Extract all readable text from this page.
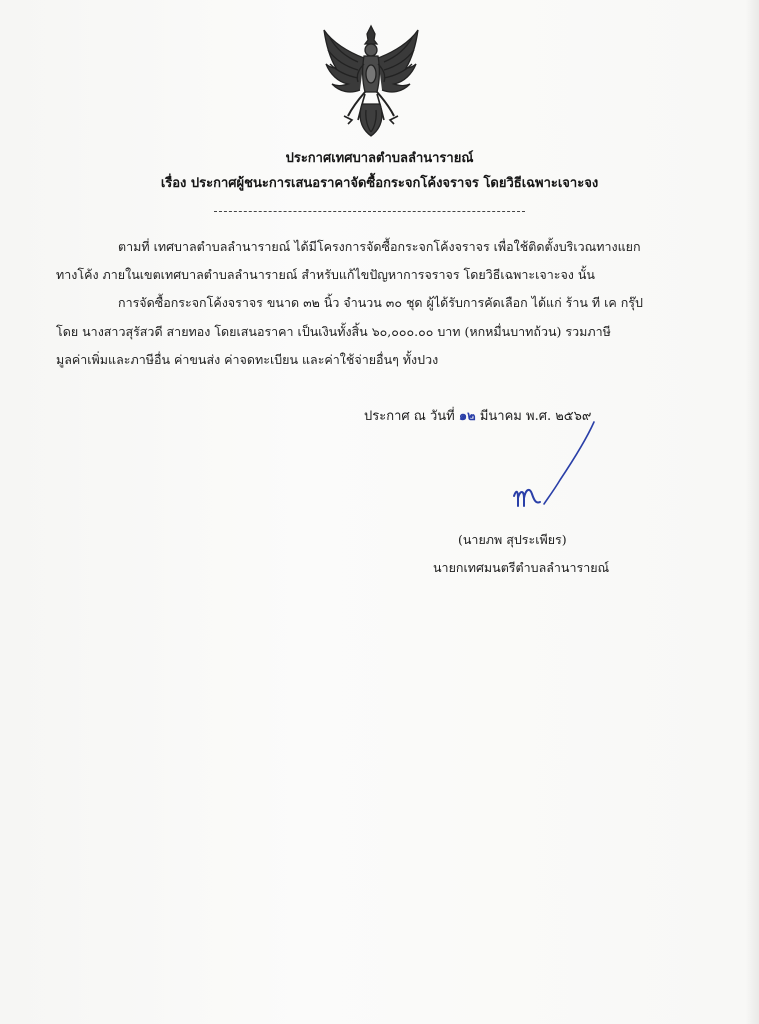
ประกาศเทศบาลตำบลลำนารายณ์
เรื่อง ประกาศผู้ชนะการเสนอราคาจัดซื้อกระจกโค้งจราจร โดยวิธีเฉพาะเจาะจง
ตามที่ เทศบาลตำบลลำนารายณ์ ได้มีโครงการจัดซื้อกระจกโค้งจราจร เพื่อใช้ติดตั้งบริเวณทางแยก
ทางโค้ง ภายในเขตเทศบาลตำบลลำนารายณ์ สำหรับแก้ไขปัญหาการจราจร โดยวิธีเฉพาะเจาะจง นั้น
การจัดซื้อกระจกโค้งจราจร ขนาด ๓๒ นิ้ว จำนวน ๓๐ ชุด ผู้ได้รับการคัดเลือก ได้แก่ ร้าน ที เค กรุ๊ป
โดย นางสาวสุรัสวดี สายทอง โดยเสนอราคา เป็นเงินทั้งสิ้น ๖๐,๐๐๐.๐๐ บาท (หกหมื่นบาทถ้วน) รวมภาษี
มูลค่าเพิ่มและภาษีอื่น ค่าขนส่ง ค่าจดทะเบียน และค่าใช้จ่ายอื่นๆ ทั้งปวง
ประกาศ ณ วันที่ ๑๒ มีนาคม พ.ศ. ๒๕๖๙
(นายภพ สุประเพียร)
นายกเทศมนตรีตำบลลำนารายณ์
